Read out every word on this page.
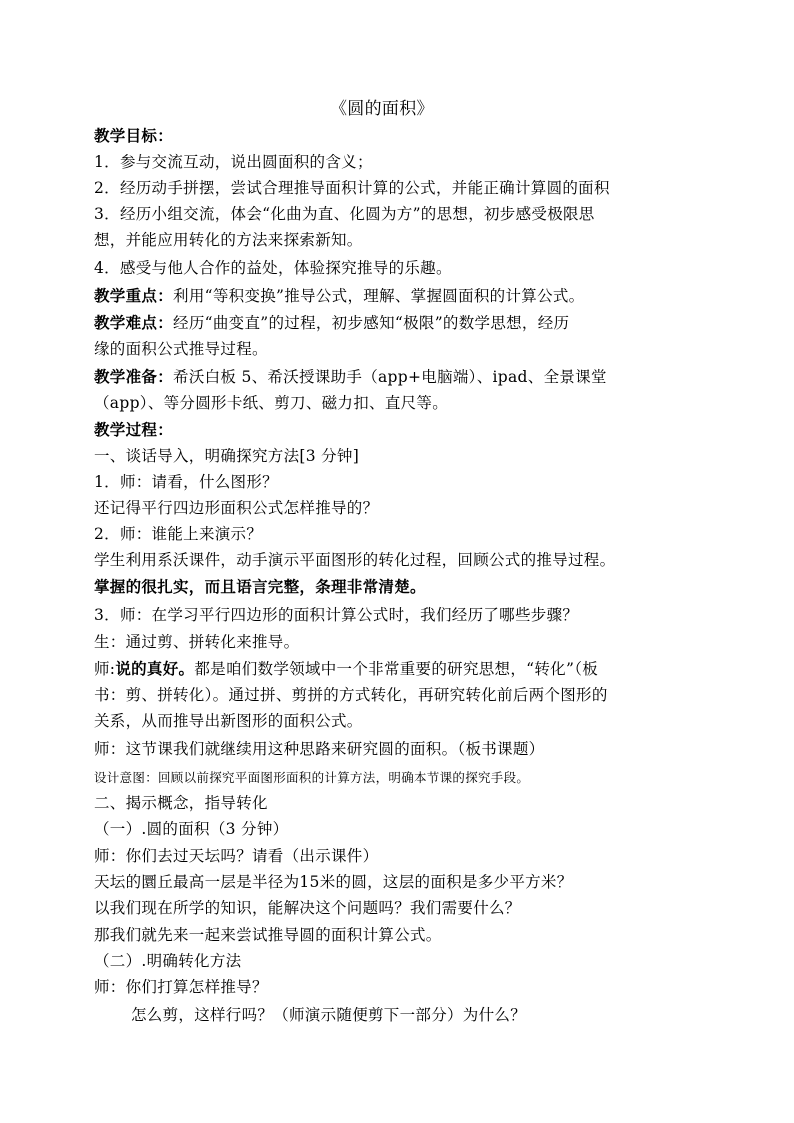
《圆的面积》
教学目标：
1．参与交流互动，说出圆面积的含义；
2．经历动手拼摆，尝试合理推导面积计算的公式，并能正确计算圆的面积
3．经历小组交流，体会“化曲为直、化圆为方”的思想，初步感受极限思
想，并能应用转化的方法来探索新知。
4．感受与他人合作的益处，体验探究推导的乐趣。
教学重点：利用“等积变换”推导公式，理解、掌握圆面积的计算公式。
教学难点：经历“曲变直”的过程，初步感知“极限”的数学思想，经历
缘的面积公式推导过程。
教学准备：希沃白板 5、希沃授课助手（app+电脑端）、ipad、全景课堂
（app）、等分圆形卡纸、剪刀、磁力扣、直尺等。
教学过程：
一、谈话导入，明确探究方法[3 分钟]
1．师：请看，什么图形？
还记得平行四边形面积公式怎样推导的？
2．师：谁能上来演示？
学生利用系沃课件，动手演示平面图形的转化过程，回顾公式的推导过程。
掌握的很扎实，而且语言完整，条理非常清楚。
3．师：在学习平行四边形的面积计算公式时，我们经历了哪些步骤？
生：通过剪、拼转化来推导。
师:说的真好。都是咱们数学领域中一个非常重要的研究思想，“转化”（板
书：剪、拼转化）。通过拼、剪拼的方式转化，再研究转化前后两个图形的
关系，从而推导出新图形的面积公式。
师：这节课我们就继续用这种思路来研究圆的面积。（板书课题）
设计意图：回顾以前探究平面图形面积的计算方法，明确本节课的探究手段。
二、揭示概念，指导转化
（一）.圆的面积（3 分钟）
师：你们去过天坛吗？请看（出示课件）
天坛的圜丘最高一层是半径为15米的圆，这层的面积是多少平方米？
以我们现在所学的知识，能解决这个问题吗？我们需要什么？
那我们就先来一起来尝试推导圆的面积计算公式。
（二）.明确转化方法
师：你们打算怎样推导？
怎么剪，这样行吗？（师演示随便剪下一部分）为什么？
